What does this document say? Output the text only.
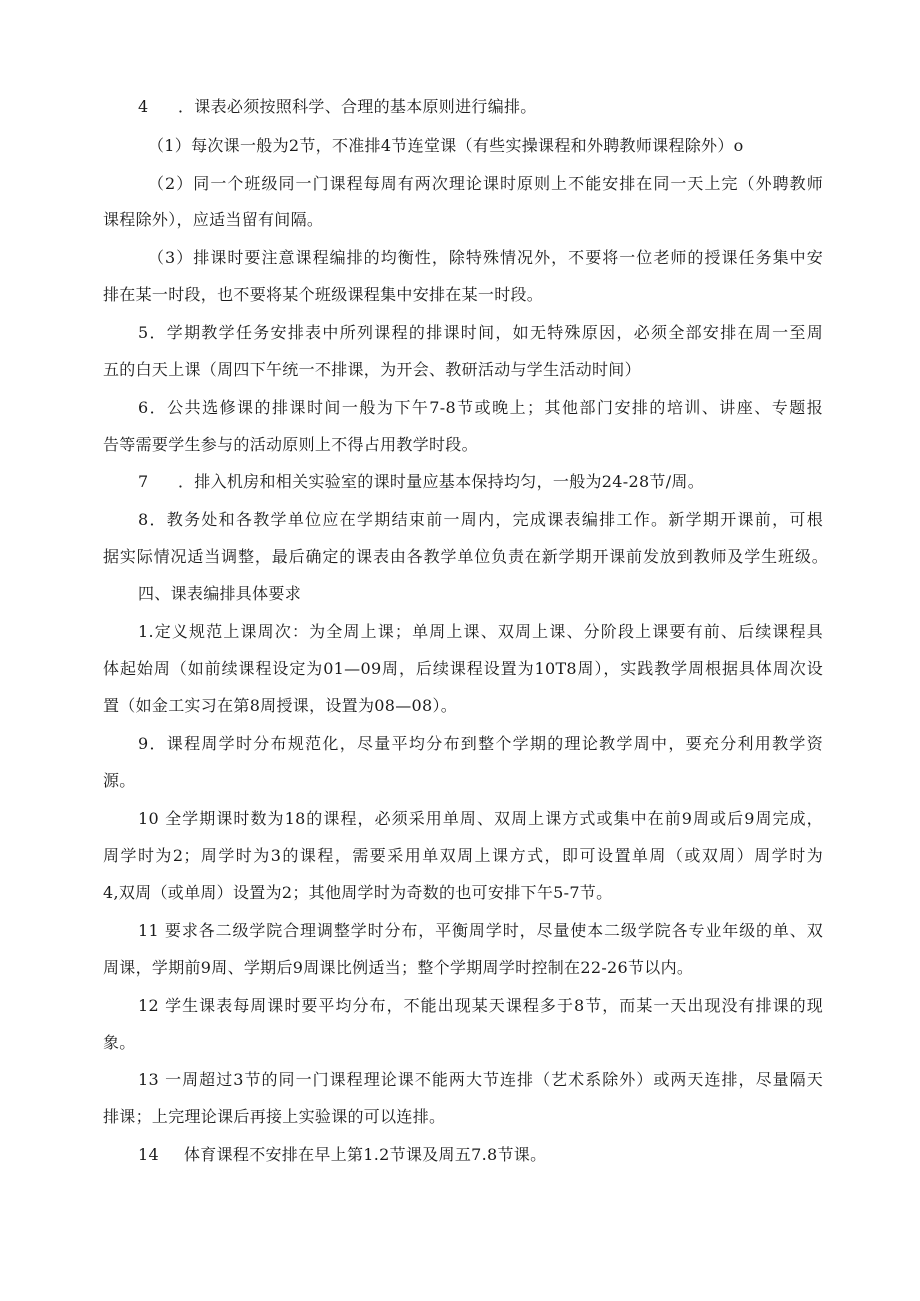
4 ．课表必须按照科学、合理的基本原则进行编排。
（1）每次课一般为2节，不准排4节连堂课（有些实操课程和外聘教师课程除外）o
（2）同一个班级同一门课程每周有两次理论课时原则上不能安排在同一天上完（外聘教师
课程除外），应适当留有间隔。
（3）排课时要注意课程编排的均衡性，除特殊情况外，不要将一位老师的授课任务集中安
排在某一时段，也不要将某个班级课程集中安排在某一时段。
5．学期教学任务安排表中所列课程的排课时间，如无特殊原因，必须全部安排在周一至周
五的白天上课（周四下午统一不排课，为开会、教研活动与学生活动时间）
6．公共选修课的排课时间一般为下午7-8节或晚上；其他部门安排的培训、讲座、专题报
告等需要学生参与的活动原则上不得占用教学时段。
7 ．排入机房和相关实验室的课时量应基本保持均匀，一般为24-28节/周。
8．教务处和各教学单位应在学期结束前一周内，完成课表编排工作。新学期开课前，可根
据实际情况适当调整，最后确定的课表由各教学单位负责在新学期开课前发放到教师及学生班级。
四、课表编排具体要求
1.定义规范上课周次：为全周上课；单周上课、双周上课、分阶段上课要有前、后续课程具
体起始周（如前续课程设定为01—09周，后续课程设置为10T8周），实践教学周根据具体周次设
置（如金工实习在第8周授课，设置为08—08）。
9．课程周学时分布规范化，尽量平均分布到整个学期的理论教学周中，要充分利用教学资
源。
10 全学期课时数为18的课程，必须采用单周、双周上课方式或集中在前9周或后9周完成，
周学时为2；周学时为3的课程，需要采用单双周上课方式，即可设置单周（或双周）周学时为
4,双周（或单周）设置为2；其他周学时为奇数的也可安排下午5-7节。
11 要求各二级学院合理调整学时分布，平衡周学时，尽量使本二级学院各专业年级的单、双
周课，学期前9周、学期后9周课比例适当；整个学期周学时控制在22-26节以内。
12 学生课表每周课时要平均分布，不能出现某天课程多于8节，而某一天出现没有排课的现
象。
13 一周超过3节的同一门课程理论课不能两大节连排（艺术系除外）或两天连排，尽量隔天
排课；上完理论课后再接上实验课的可以连排。
14 体育课程不安排在早上第1.2节课及周五7.8节课。
